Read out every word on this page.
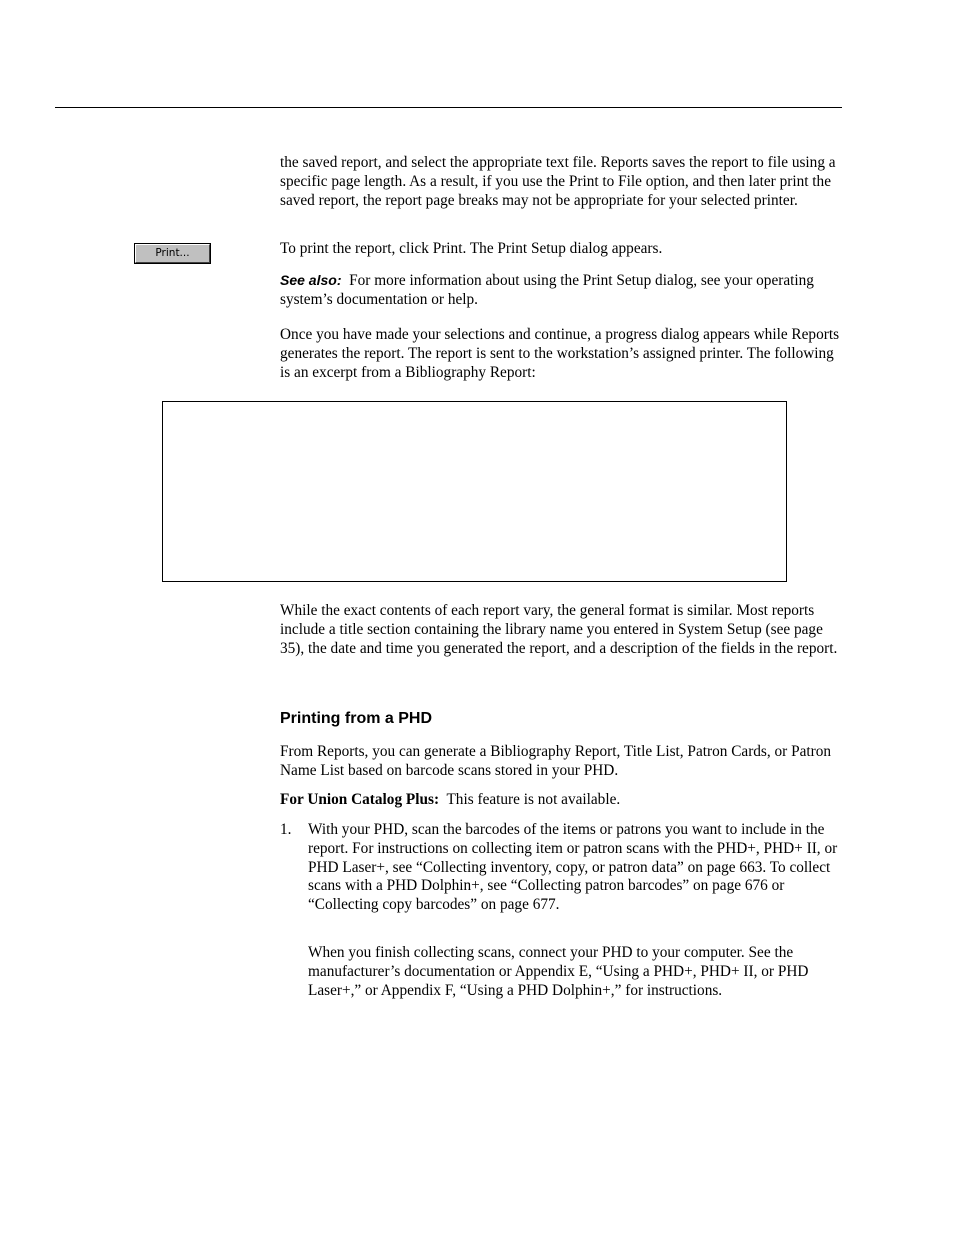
the saved report, and select the appropriate text file. Reports saves the report to file using a specific page length. As a result, if you use the Print to File option, and then later print the saved report, the report page breaks may not be appropriate for your selected printer.

Print...	To print the report, click Print. The Print Setup dialog appears.

See also: For more information about using the Print Setup dialog, see your operating system’s documentation or help.

Once you have made your selections and continue, a progress dialog appears while Reports generates the report. The report is sent to the workstation’s assigned printer. The following is an excerpt from a Bibliography Report:

While the exact contents of each report vary, the general format is similar. Most reports include a title section containing the library name you entered in System Setup (see page 35), the date and time you generated the report, and a description of the fields in the report.

Printing from a PHD

From Reports, you can generate a Bibliography Report, Title List, Patron Cards, or Patron Name List based on barcode scans stored in your PHD.

For Union Catalog Plus: This feature is not available.

1. With your PHD, scan the barcodes of the items or patrons you want to include in the report. For instructions on collecting item or patron scans with the PHD+, PHD+ II, or PHD Laser+, see “Collecting inventory, copy, or patron data” on page 663. To collect scans with a PHD Dolphin+, see “Collecting patron barcodes” on page 676 or “Collecting copy barcodes” on page 677.

When you finish collecting scans, connect your PHD to your computer. See the manufacturer’s documentation or Appendix E, “Using a PHD+, PHD+ II, or PHD Laser+,” or Appendix F, “Using a PHD Dolphin+,” for instructions.
